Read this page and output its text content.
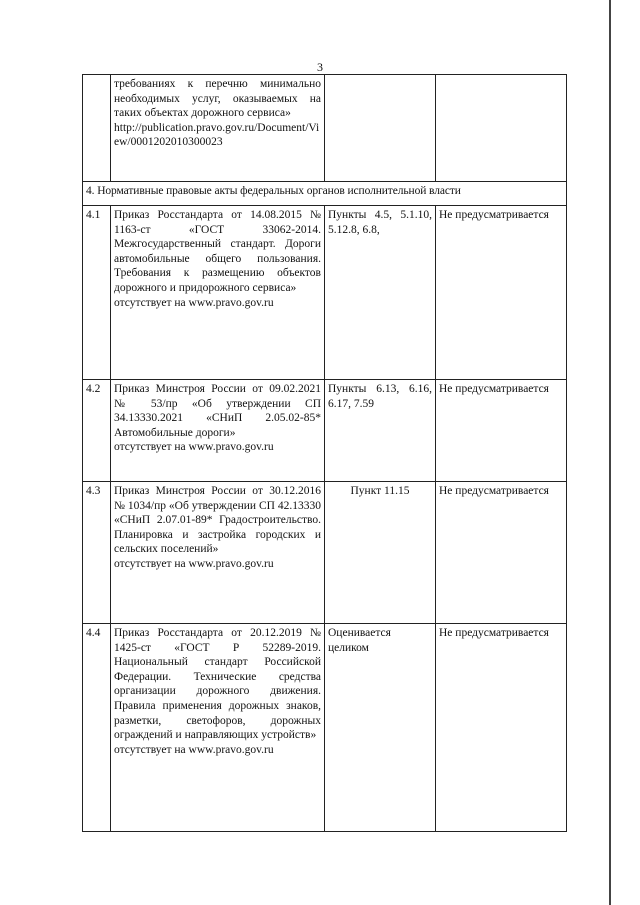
3

	требованиях к перечню минимально необходимых услуг, оказываемых на таких объектах дорожного сервиса»
http://publication.pravo.gov.ru/Document/View/0001202010300023		

4. Нормативные правовые акты федеральных органов исполнительной власти			
4.1	Приказ Росстандарта от 14.08.2015 № 1163-ст «ГОСТ 33062-2014. Межгосударственный стандарт. Дороги автомобильные общего пользования. Требования к размещению объектов дорожного и придорожного сервиса»
отсутствует на www.pravo.gov.ru	Пункты 4.5, 5.1.10, 5.12.8, 6.8,	Не предусматривается
4.2	Приказ Минстроя России от 09.02.2021 № 53/пр «Об утверждении СП 34.13330.2021 «СНиП 2.05.02-85* Автомобильные дороги»
отсутствует на www.pravo.gov.ru	Пункты 6.13, 6.16, 6.17, 7.59	Не предусматривается
4.3	Приказ Минстроя России от 30.12.2016 № 1034/пр «Об утверждении СП 42.13330 «СНиП 2.07.01-89* Градостроительство. Планировка и застройка городских и сельских поселений»
отсутствует на www.pravo.gov.ru	Пункт 11.15	Не предусматривается
4.4	Приказ Росстандарта от 20.12.2019 № 1425-ст «ГОСТ Р 52289-2019. Национальный стандарт Российской Федерации. Технические средства организации дорожного движения. Правила применения дорожных знаков, разметки, светофоров, дорожных ограждений и направляющих устройств»
отсутствует на www.pravo.gov.ru	Оценивается целиком	Не предусматривается
